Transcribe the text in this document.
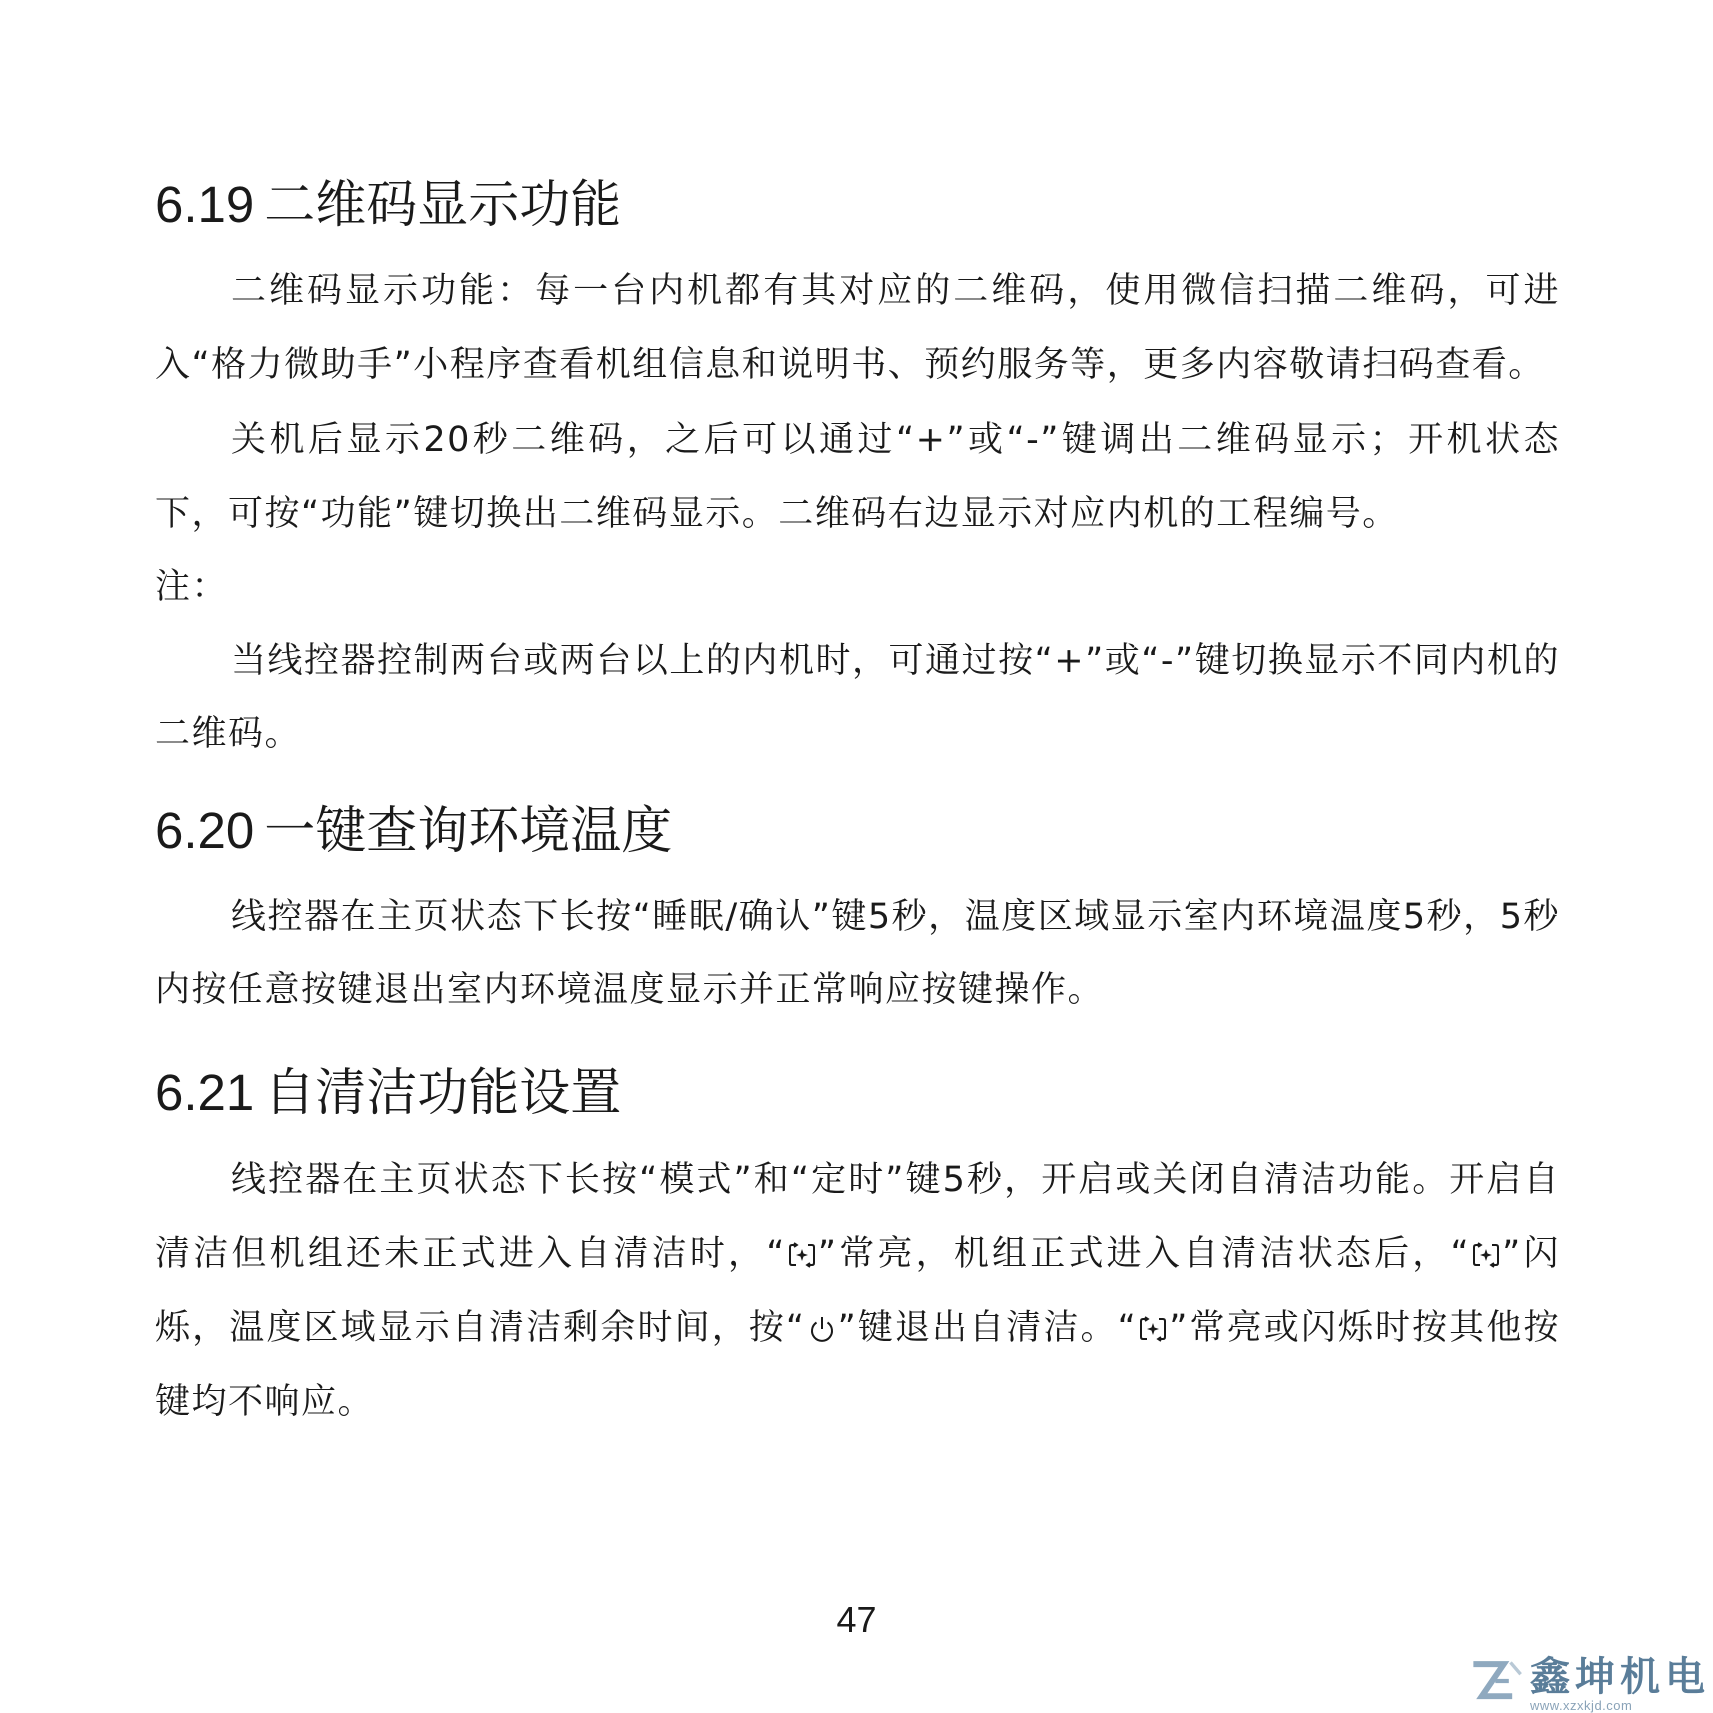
6.19 二维码显示功能

二维码显示功能：每一台内机都有其对应的二维码，使用微信扫描二维码，可进入“格力微助手”小程序查看机组信息和说明书、预约服务等，更多内容敬请扫码查看。

关机后显示20秒二维码，之后可以通过“+”或“-”键调出二维码显示；开机状态下，可按“功能”键切换出二维码显示。二维码右边显示对应内机的工程编号。

注：

当线控器控制两台或两台以上的内机时，可通过按“+”或“-”键切换显示不同内机的二维码。

6.20 一键查询环境温度

线控器在主页状态下长按“睡眠/确认”键5秒，温度区域显示室内环境温度5秒，5秒内按任意按键退出室内环境温度显示并正常响应按键操作。

6.21 自清洁功能设置

线控器在主页状态下长按“模式”和“定时”键5秒，开启或关闭自清洁功能。开启自清洁但机组还未正式进入自清洁时，“ ”常亮，机组正式进入自清洁状态后，“ ”闪烁，温度区域显示自清洁剩余时间，按“ ”键退出自清洁。“ ”常亮或闪烁时按其他按键均不响应。

47
鑫坤机电
www.xzxkjd.com
